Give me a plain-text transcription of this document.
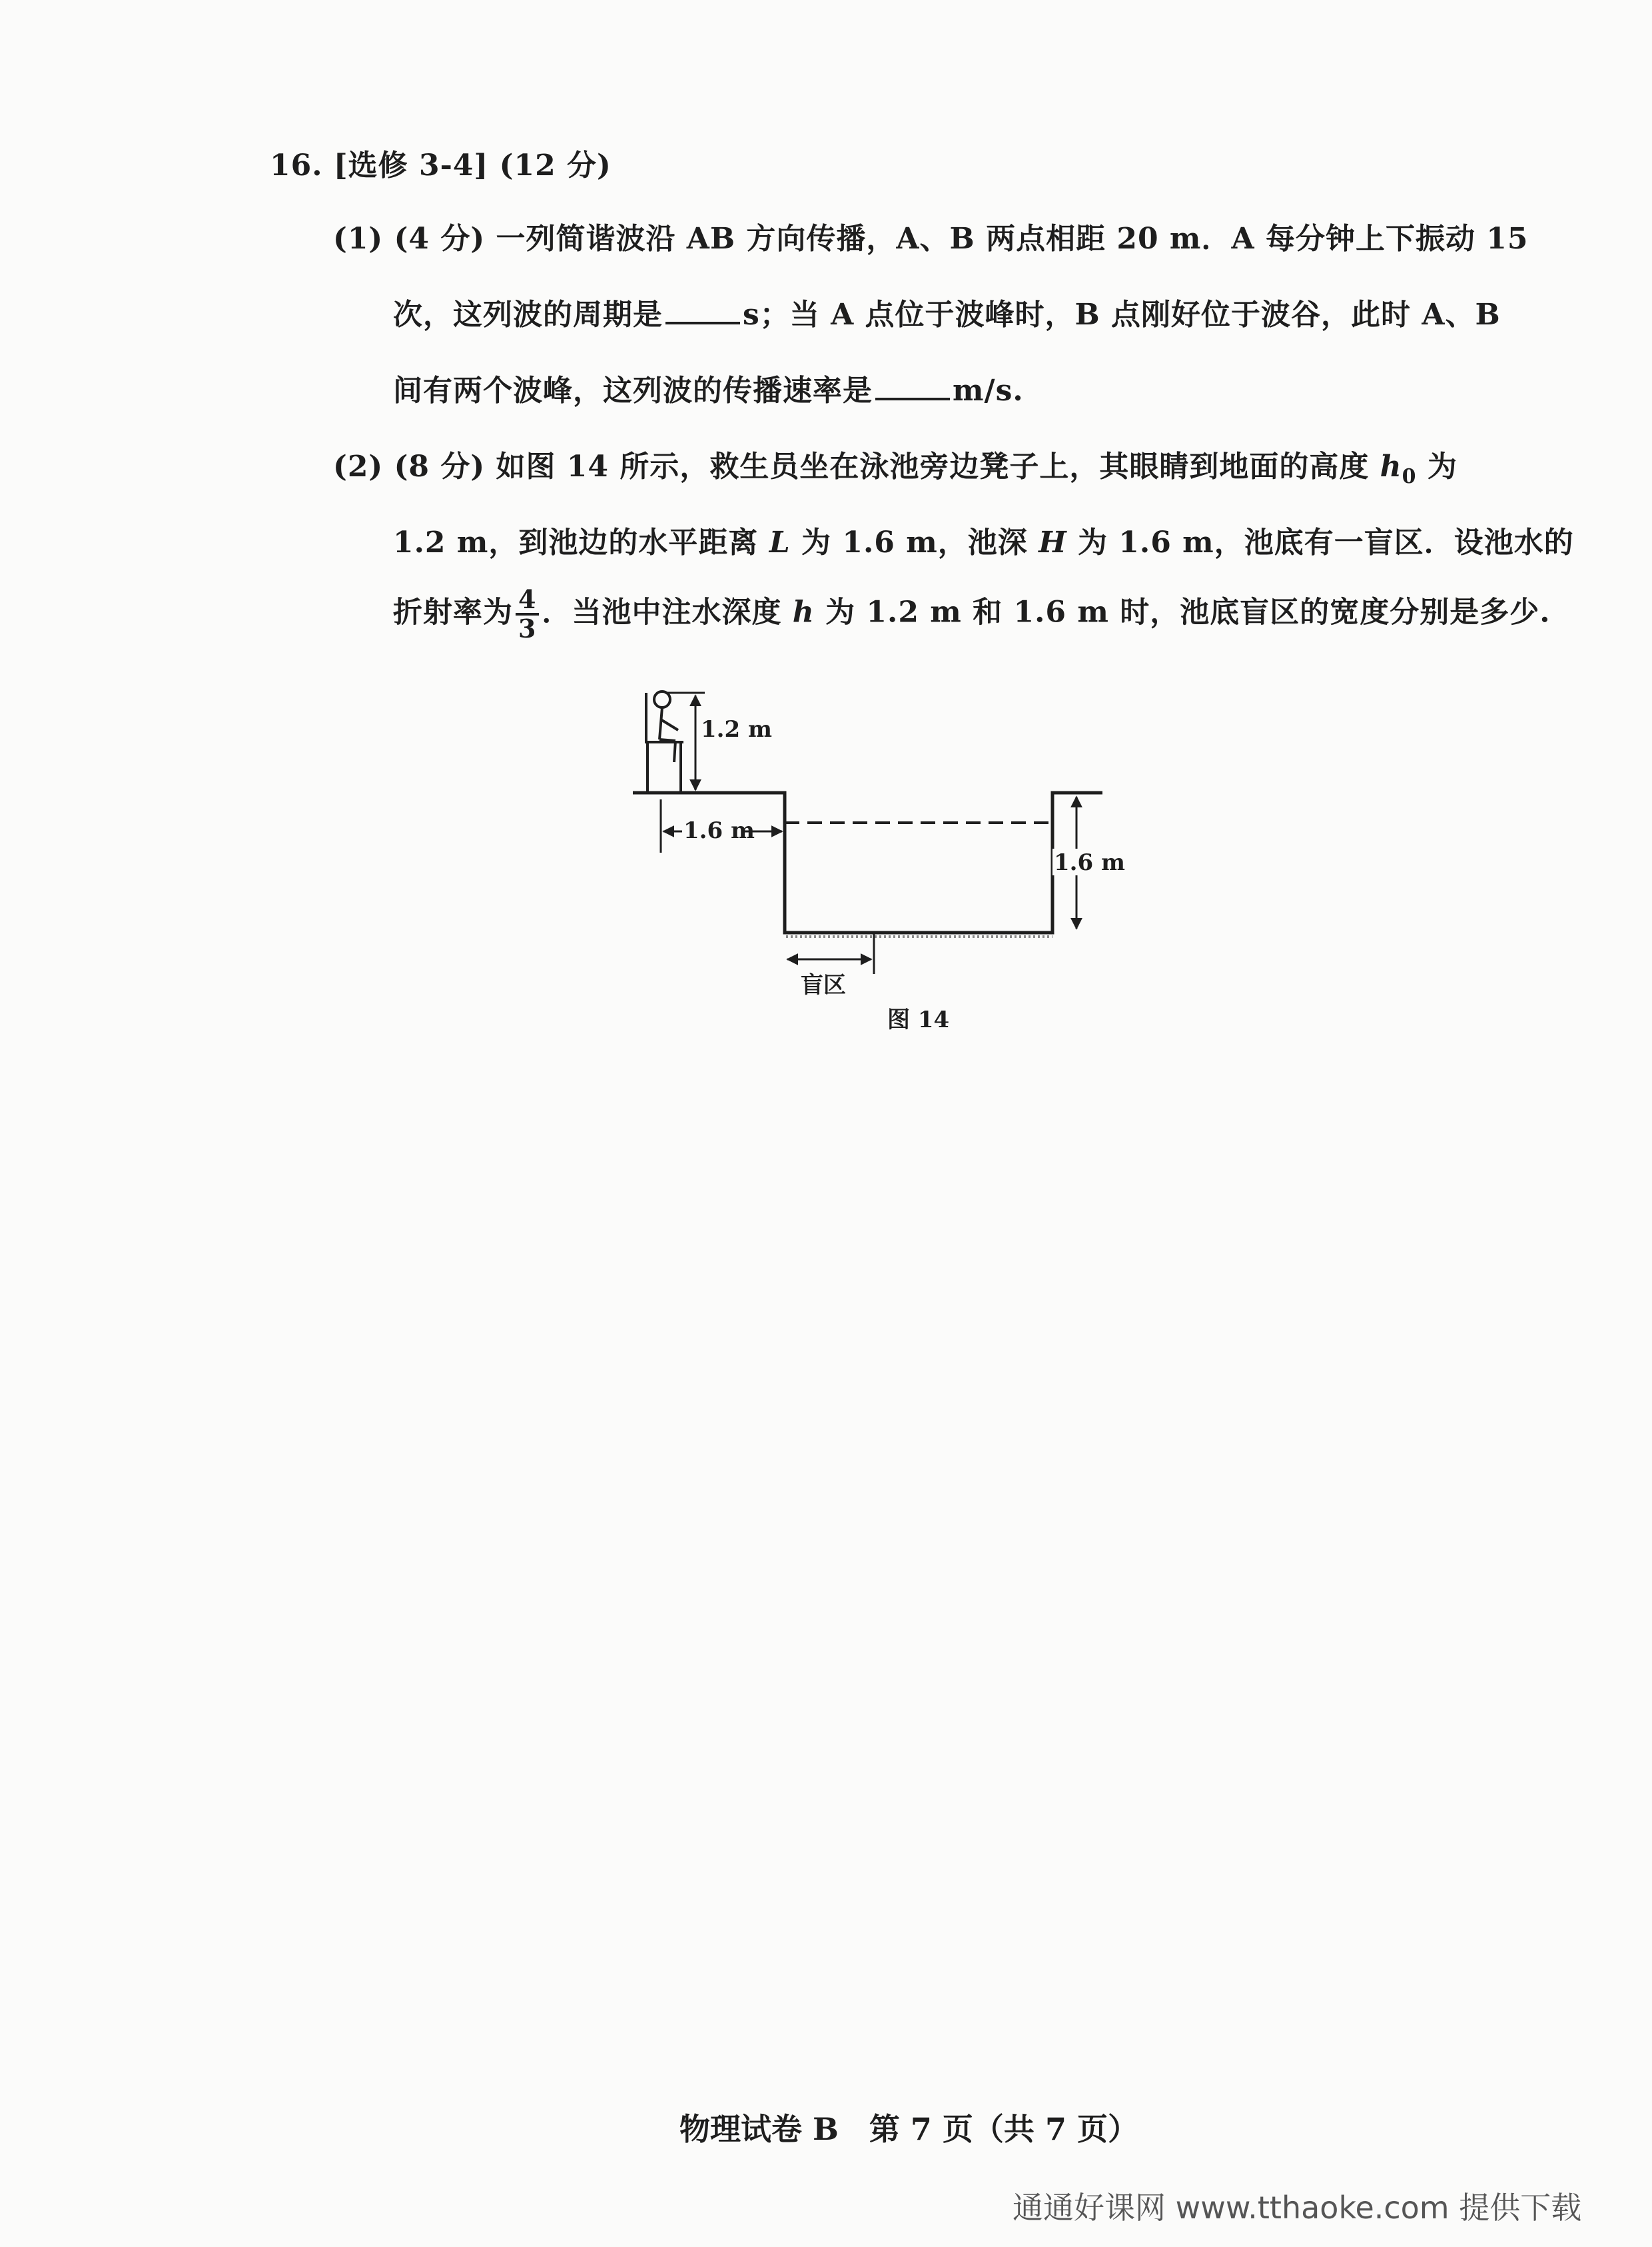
16. [选修 3-4] (12 分)
(1) (4 分) 一列简谐波沿 AB 方向传播，A、B 两点相距 20 m．A 每分钟上下振动 15
次，这列波的周期是	s；当 A 点位于波峰时，B 点刚好位于波谷，此时 A、B
间有两个波峰，这列波的传播速率是	m/s.
(2) (8 分) 如图 14 所示，救生员坐在泳池旁边凳子上，其眼睛到地面的高度 $h_0$ 为
1.2 m，到池边的水平距离 L 为 1.6 m，池深 H 为 1.6 m，池底有一盲区．设池水的
折射率为 $\frac{4}{3}$ ．当池中注水深度 h 为 1.2 m 和 1.6 m 时，池底盲区的宽度分别是多少.
1.2 m
1.6 m
1.6 m
盲区
图 14
物理试卷 B　第 7 页（共 7 页）
通通好课网 www.tthaoke.com 提供下载
